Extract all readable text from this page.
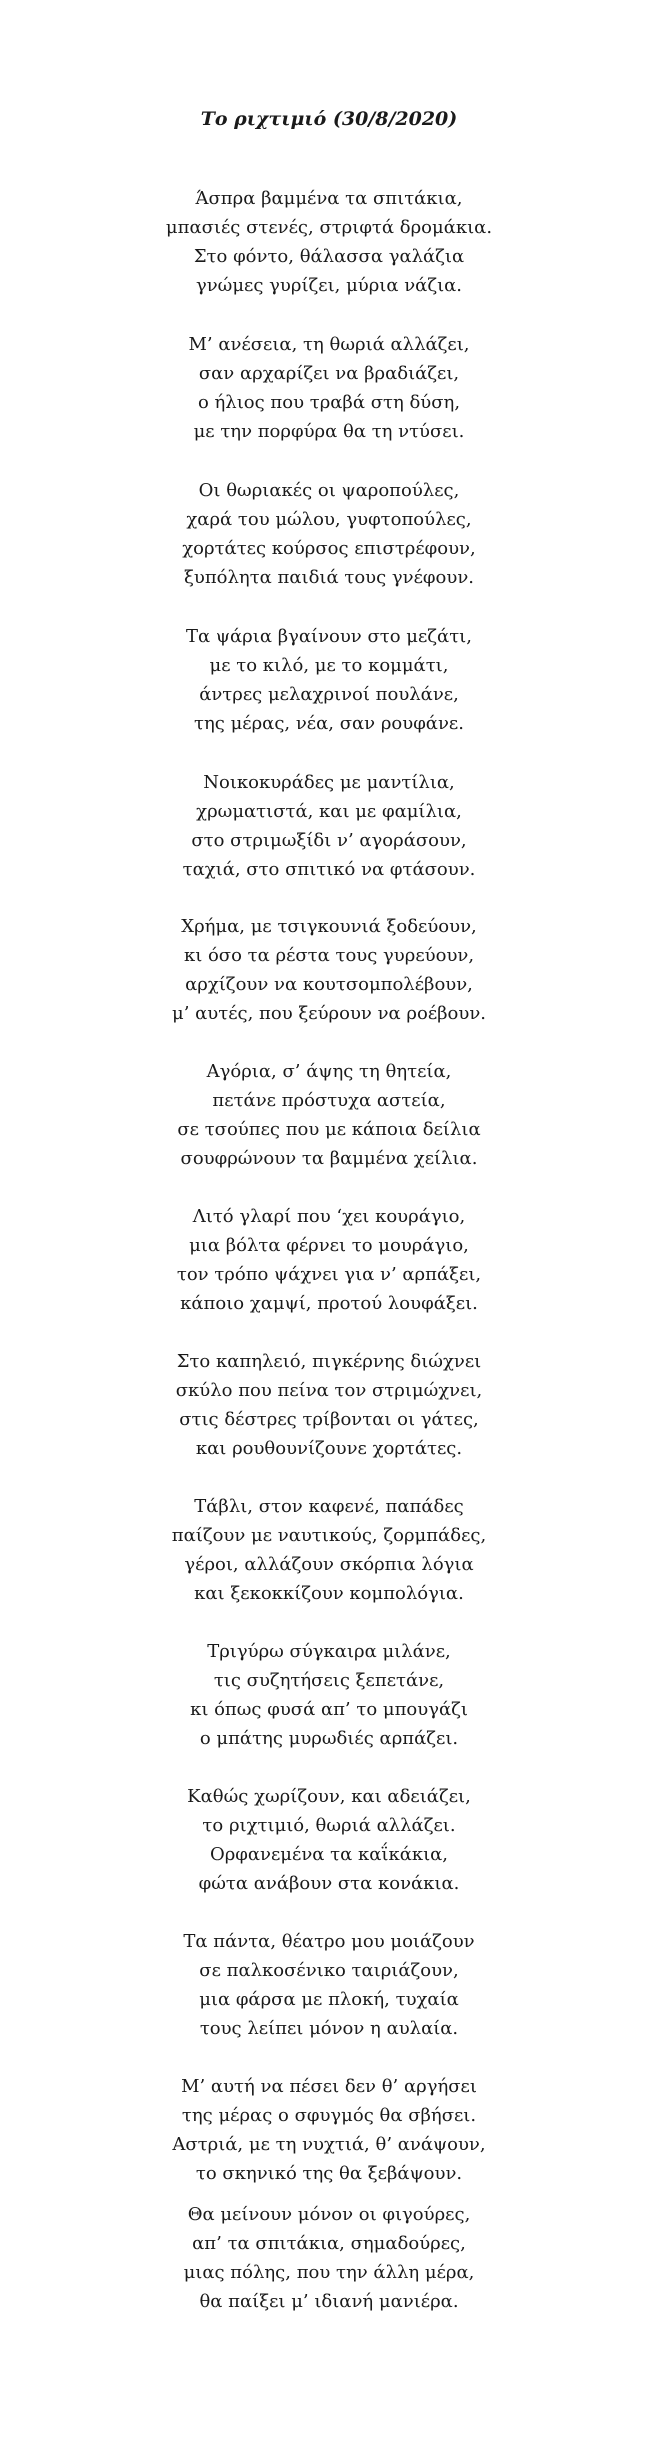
Το ριχτιμιό (30/8/2020)
Άσπρα βαμμένα τα σπιτάκια,
μπασιές στενές, στριφτά δρομάκια.
Στο φόντο, θάλασσα γαλάζια
γνώμες γυρίζει, μύρια νάζια.
Μ’ ανέσεια, τη θωριά αλλάζει,
σαν αρχαρίζει να βραδιάζει,
ο ήλιος που τραβά στη δύση,
με την πορφύρα θα τη ντύσει.
Οι θωριακές οι ψαροπούλες,
χαρά του μώλου, γυφτοπούλες,
χορτάτες κούρσος επιστρέφουν,
ξυπόλητα παιδιά τους γνέφουν.
Τα ψάρια βγαίνουν στο μεζάτι,
με το κιλό, με το κομμάτι,
άντρες μελαχρινοί πουλάνε,
της μέρας, νέα, σαν ρουφάνε.
Νοικοκυράδες με μαντίλια,
χρωματιστά, και με φαμίλια,
στο στριμωξίδι ν’ αγοράσουν,
ταχιά, στο σπιτικό να φτάσουν.
Χρήμα, με τσιγκουνιά ξοδεύουν,
κι όσο τα ρέστα τους γυρεύουν,
αρχίζουν να κουτσομπολέβουν,
μ’ αυτές, που ξεύρουν να ροέβουν.
Αγόρια, σ’ άψης τη θητεία,
πετάνε πρόστυχα αστεία,
σε τσούπες που με κάποια δείλια
σουφρώνουν τα βαμμένα χείλια.
Λιτό γλαρί που ‘χει κουράγιο,
μια βόλτα φέρνει το μουράγιο,
τον τρόπο ψάχνει για ν’ αρπάξει,
κάποιο χαμψί, προτού λουφάξει.
Στο καπηλειό, πιγκέρνης διώχνει
σκύλο που πείνα τον στριμώχνει,
στις δέστρες τρίβονται οι γάτες,
και ρουθουνίζουνε χορτάτες.
Τάβλι, στον καφενέ, παπάδες
παίζουν με ναυτικούς, ζορμπάδες,
γέροι, αλλάζουν σκόρπια λόγια
και ξεκοκκίζουν κομπολόγια.
Τριγύρω σύγκαιρα μιλάνε,
τις συζητήσεις ξεπετάνε,
κι όπως φυσά απ’ το μπουγάζι
ο μπάτης μυρωδιές αρπάζει.
Καθώς χωρίζουν, και αδειάζει,
το ριχτιμιό, θωριά αλλάζει.
Ορφανεμένα τα καΐκάκια,
φώτα ανάβουν στα κονάκια.
Τα πάντα, θέατρο μου μοιάζουν
σε παλκοσένικο ταιριάζουν,
μια φάρσα με πλοκή, τυχαία
τους λείπει μόνον η αυλαία.
Μ’ αυτή να πέσει δεν θ’ αργήσει
της μέρας ο σφυγμός θα σβήσει.
Αστριά, με τη νυχτιά, θ’ ανάψουν,
το σκηνικό της θα ξεβάψουν.
Θα μείνουν μόνον οι φιγούρες,
απ’ τα σπιτάκια, σημαδούρες,
μιας πόλης, που την άλλη μέρα,
θα παίξει μ’ ιδιανή μανιέρα.
